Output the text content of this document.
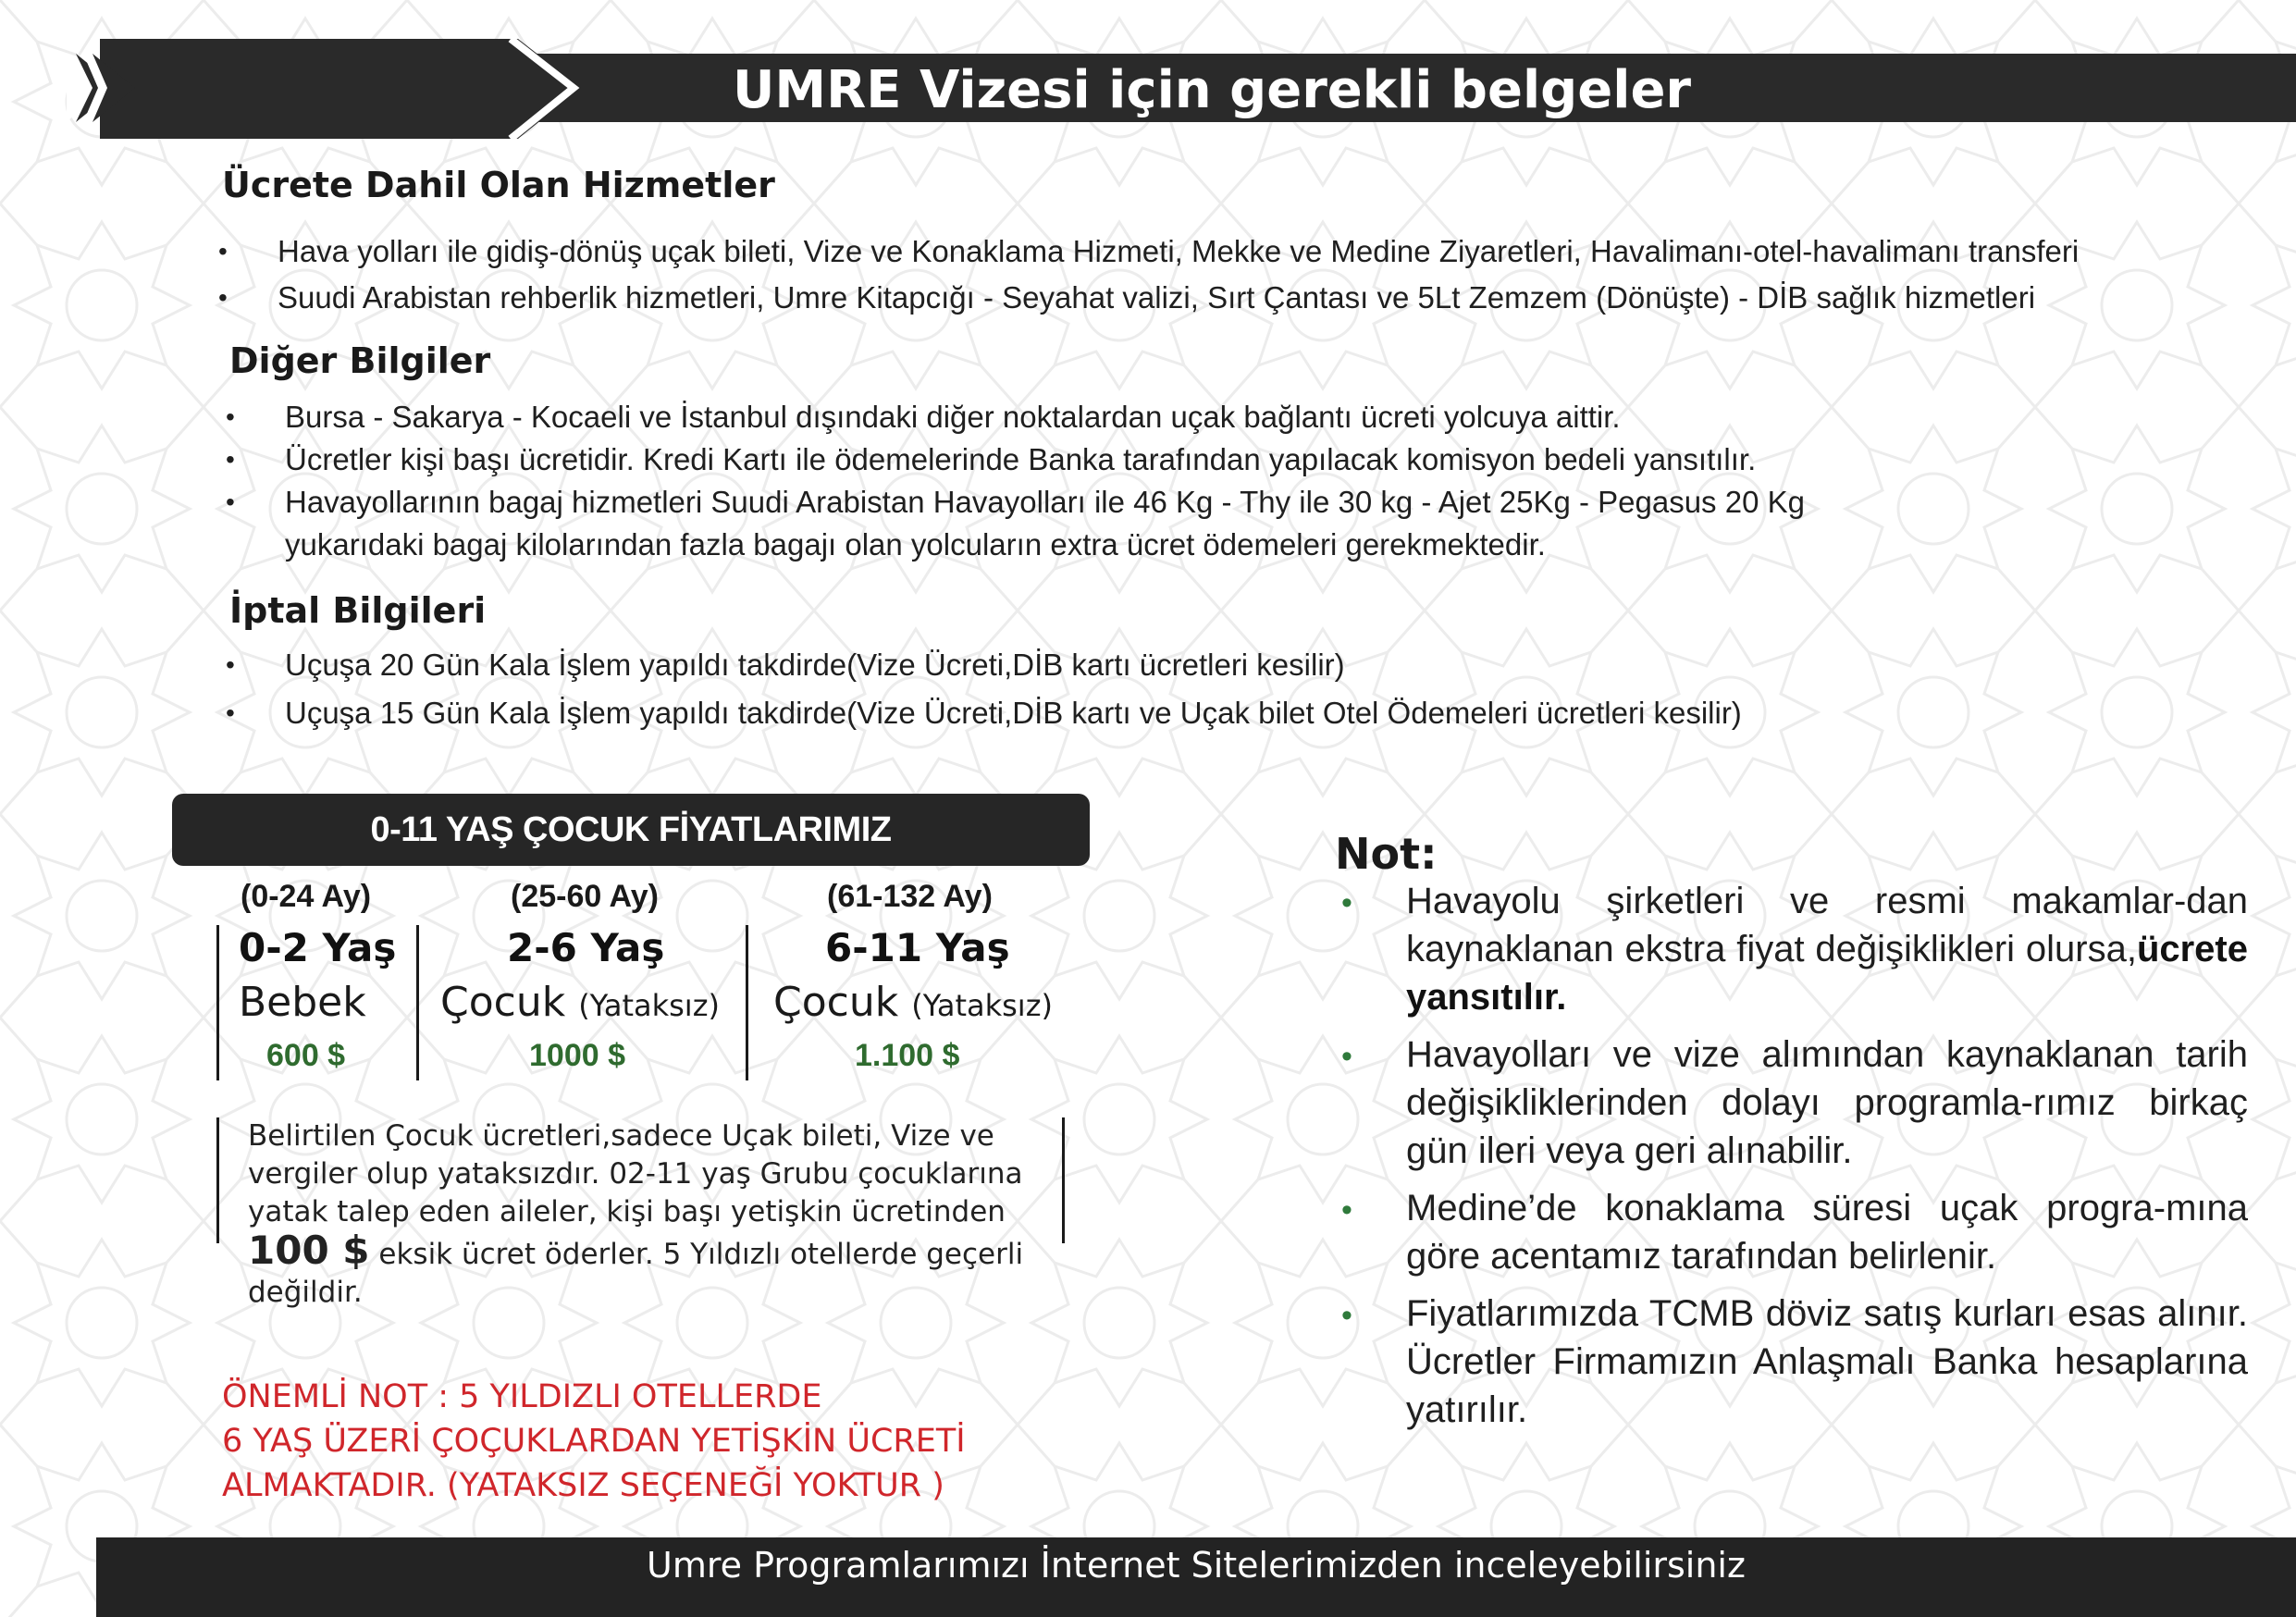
UMRE Vizesi için gerekli belgeler
Ücrete Dahil Olan Hizmetler
• Hava yolları ile gidiş-dönüş uçak bileti, Vize ve Konaklama Hizmeti, Mekke ve Medine Ziyaretleri, Havalimanı-otel-havalimanı transferi
• Suudi Arabistan rehberlik hizmetleri, Umre Kitapcığı - Seyahat valizi, Sırt Çantası ve 5Lt Zemzem (Dönüşte) - DİB sağlık hizmetleri
Diğer Bilgiler
• Bursa - Sakarya - Kocaeli ve İstanbul dışındaki diğer noktalardan uçak bağlantı ücreti yolcuya aittir.
• Ücretler kişi başı ücretidir. Kredi Kartı ile ödemelerinde Banka tarafından yapılacak komisyon bedeli yansıtılır.
• Havayollarının bagaj hizmetleri Suudi Arabistan Havayolları ile 46 Kg - Thy ile 30 kg - Ajet 25Kg - Pegasus 20 Kg
yukarıdaki bagaj kilolarından fazla bagajı olan yolcuların extra ücret ödemeleri gerekmektedir.
İptal Bilgileri
• Uçuşa 20 Gün Kala İşlem yapıldı takdirde(Vize Ücreti,DİB kartı ücretleri kesilir)
• Uçuşa 15 Gün Kala İşlem yapıldı takdirde(Vize Ücreti,DİB kartı ve Uçak bilet Otel Ödemeleri ücretleri kesilir)
0-11 YAŞ ÇOCUK FİYATLARIMIZ
(0-24 Ay)
0-2 Yaş
Bebek
600 $
(25-60 Ay)
2-6 Yaş
Çocuk (Yataksız)
1000 $
(61-132 Ay)
6-11 Yaş
Çocuk (Yataksız)
1.100 $
Belirtilen Çocuk ücretleri,sadece Uçak bileti, Vize ve vergiler olup yataksızdır. 02-11 yaş Grubu çocuklarına yatak talep eden aileler, kişi başı yetişkin ücretinden 100 $ eksik ücret öderler. 5 Yıldızlı otellerde geçerli değildir.
ÖNEMLİ NOT : 5 YILDIZLI OTELLERDE
6 YAŞ ÜZERİ ÇOÇUKLARDAN YETİŞKİN ÜCRETİ
ALMAKTADIR. (YATAKSIZ SEÇENEĞİ YOKTUR )
Not:
• Havayolu şirketleri ve resmi makamlar-dan kaynaklanan ekstra fiyat değişiklikleri olursa,ücrete yansıtılır.
• Havayolları ve vize alımından kaynaklanan tarih değişikliklerinden dolayı programla-rımız birkaç gün ileri veya geri alınabilir.
• Medine’de konaklama süresi uçak progra-mına göre acentamız tarafından belirlenir.
• Fiyatlarımızda TCMB döviz satış kurları esas alınır. Ücretler Firmamızın Anlaşmalı Banka hesaplarına yatırılır.
Umre Programlarımızı İnternet Sitelerimizden inceleyebilirsiniz
